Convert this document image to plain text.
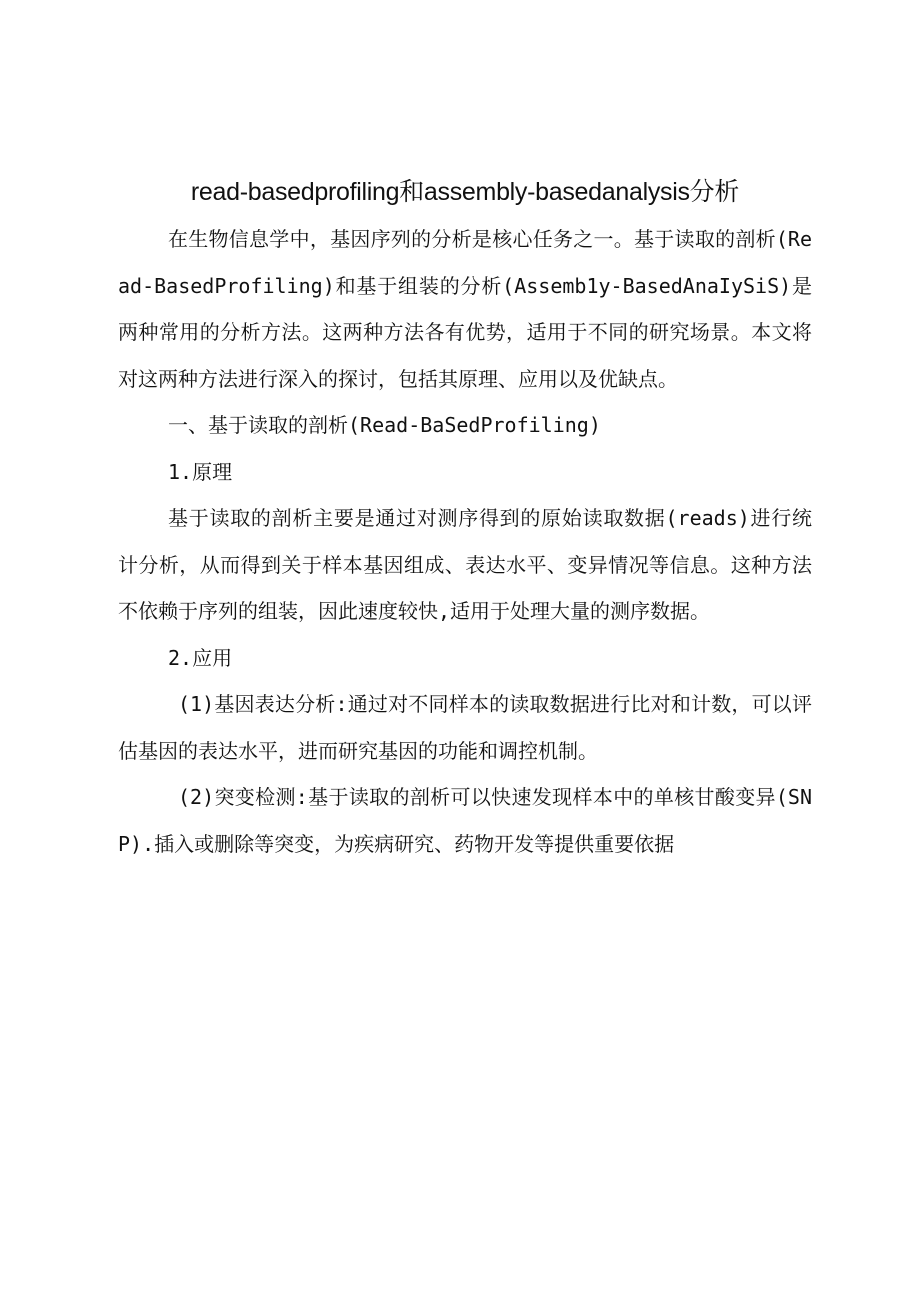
read-basedprofiling和assembly-basedanalysis分析

在生物信息学中，基因序列的分析是核心任务之一。基于读取的剖析(Read-BasedProfiling)和基于组装的分析(Assemb1y-BasedAnaIySiS)是两种常用的分析方法。这两种方法各有优势，适用于不同的研究场景。本文将对这两种方法进行深入的探讨，包括其原理、应用以及优缺点。

一、基于读取的剖析(Read-BaSedProfiling)

1.原理

基于读取的剖析主要是通过对测序得到的原始读取数据(reads)进行统计分析，从而得到关于样本基因组成、表达水平、变异情况等信息。这种方法不依赖于序列的组装，因此速度较快,适用于处理大量的测序数据。

2.应用

(1)基因表达分析:通过对不同样本的读取数据进行比对和计数，可以评估基因的表达水平，进而研究基因的功能和调控机制。

(2)突变检测:基于读取的剖析可以快速发现样本中的单核甘酸变异(SNP).插入或删除等突变，为疾病研究、药物开发等提供重要依据
